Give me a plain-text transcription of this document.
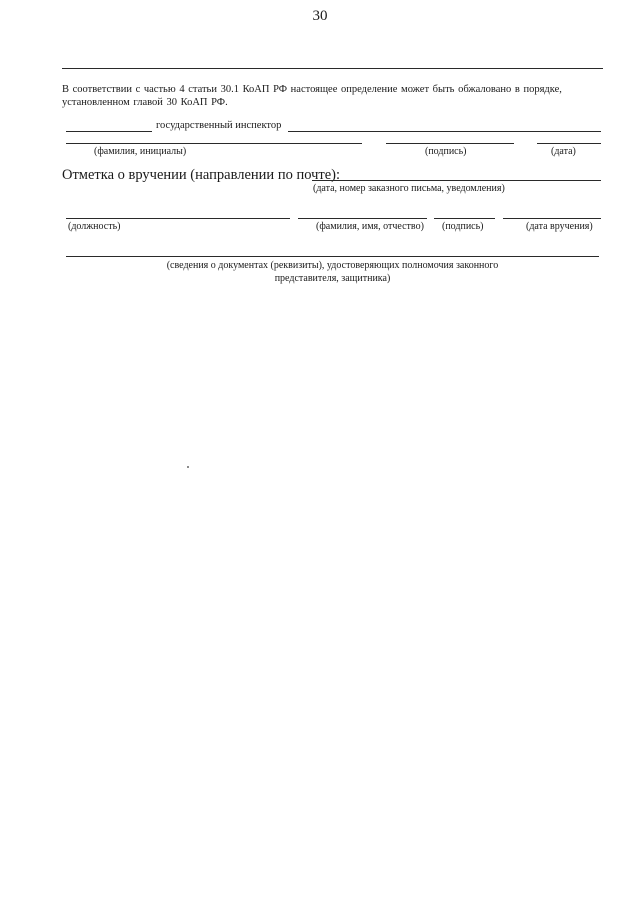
30
В соответствии с частью 4 статьи 30.1 КоАП РФ настоящее определение может быть обжаловано в порядке, установленном главой 30 КоАП РФ.
государственный инспектор
(фамилия, инициалы)	(подпись)	(дата)
Отметка о вручении (направлении по почте):
(дата, номер заказного письма, уведомления)
(должность)	(фамилия, имя, отчество) (подпись)	(дата вручения)
(сведения о документах (реквизиты), удостоверяющих полномочия законного
представителя, защитника)
